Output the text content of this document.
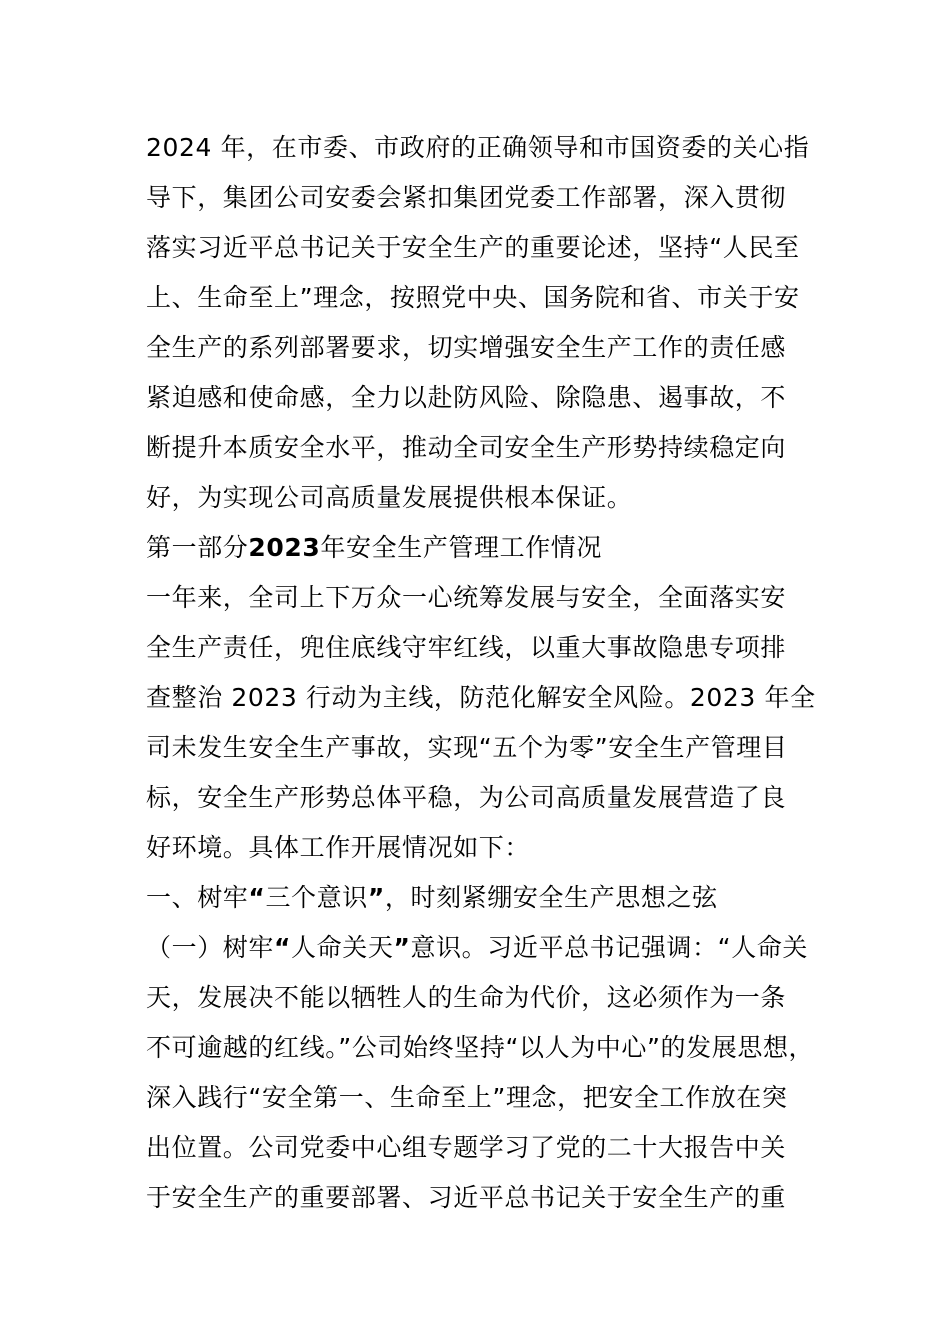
2024 年，在市委、市政府的正确领导和市国资委的关心指
导下，集团公司安委会紧扣集团党委工作部署，深入贯彻
落实习近平总书记关于安全生产的重要论述，坚持“人民至
上、生命至上”理念，按照党中央、国务院和省、市关于安
全生产的系列部署要求，切实增强安全生产工作的责任感
紧迫感和使命感，全力以赴防风险、除隐患、遏事故，不
断提升本质安全水平，推动全司安全生产形势持续稳定向
好，为实现公司高质量发展提供根本保证。
第一部分2023年安全生产管理工作情况
一年来，全司上下万众一心统筹发展与安全，全面落实安
全生产责任，兜住底线守牢红线，以重大事故隐患专项排
查整治 2023 行动为主线，防范化解安全风险。2023 年全
司未发生安全生产事故，实现“五个为零”安全生产管理目
标，安全生产形势总体平稳，为公司高质量发展营造了良
好环境。具体工作开展情况如下：
一、树牢“三个意识”，时刻紧绷安全生产思想之弦
（一）树牢“人命关天”意识。习近平总书记强调：“人命关
天，发展决不能以牺牲人的生命为代价，这必须作为一条
不可逾越的红线。”公司始终坚持“以人为中心”的发展思想，
深入践行“安全第一、生命至上”理念，把安全工作放在突
出位置。公司党委中心组专题学习了党的二十大报告中关
于安全生产的重要部署、习近平总书记关于安全生产的重
